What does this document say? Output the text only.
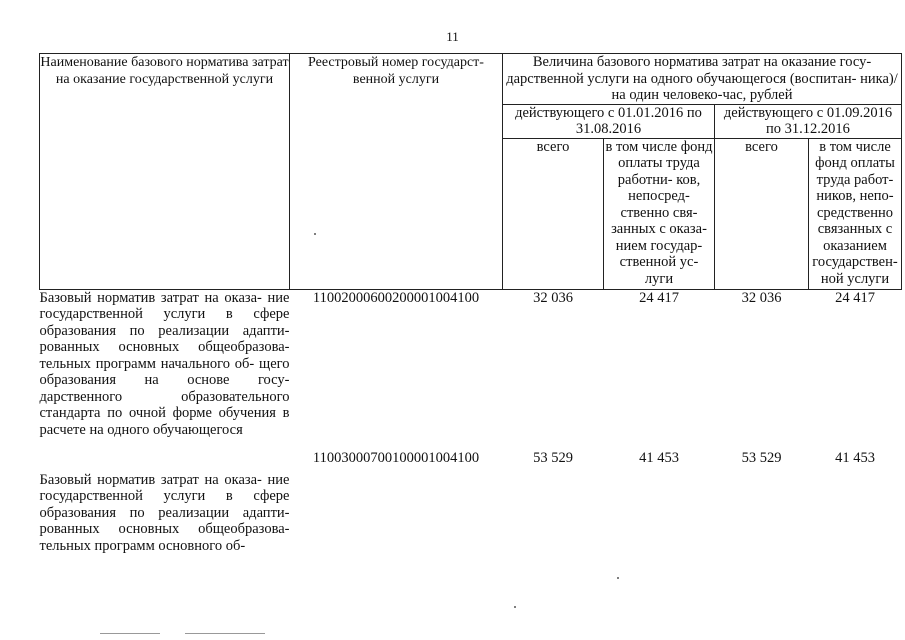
11
Наименование базового норматива затрат на оказание государственной услуги	Реестровый номер государст- венной услуги	Величина базового норматива затрат на оказание госу- дарственной услуги на одного обучающегося (воспитан- ника)/ на один человеко-час, рублей			
		действующего с 01.01.2016 по 31.08.2016		действующего с 01.09.2016 по 31.12.2016	
		всего	в том числе фонд оплаты труда работни- ков, непосред- ственно свя- занных с оказа- нием государ- ственной ус- луги	всего	в том числе фонд оплаты труда работ- ников, непо- средственно связанных с оказанием государствен- ной услуги
Базовый норматив затрат на оказа- ние государственной услуги в сфере образования по реализации адапти- рованных основных общеобразова- тельных программ начального об- щего образования на основе госу- дарственного образовательного стандарта по очной форме обучения в расчете на одного обучающегося	11002000600200001004100	32 036	24 417	32 036	24 417
Базовый норматив затрат на оказа- ние государственной услуги в сфере образования по реализации адапти- рованных основных общеобразова- тельных программ основного об-	11003000700100001004100	53 529	41 453	53 529	41 453
